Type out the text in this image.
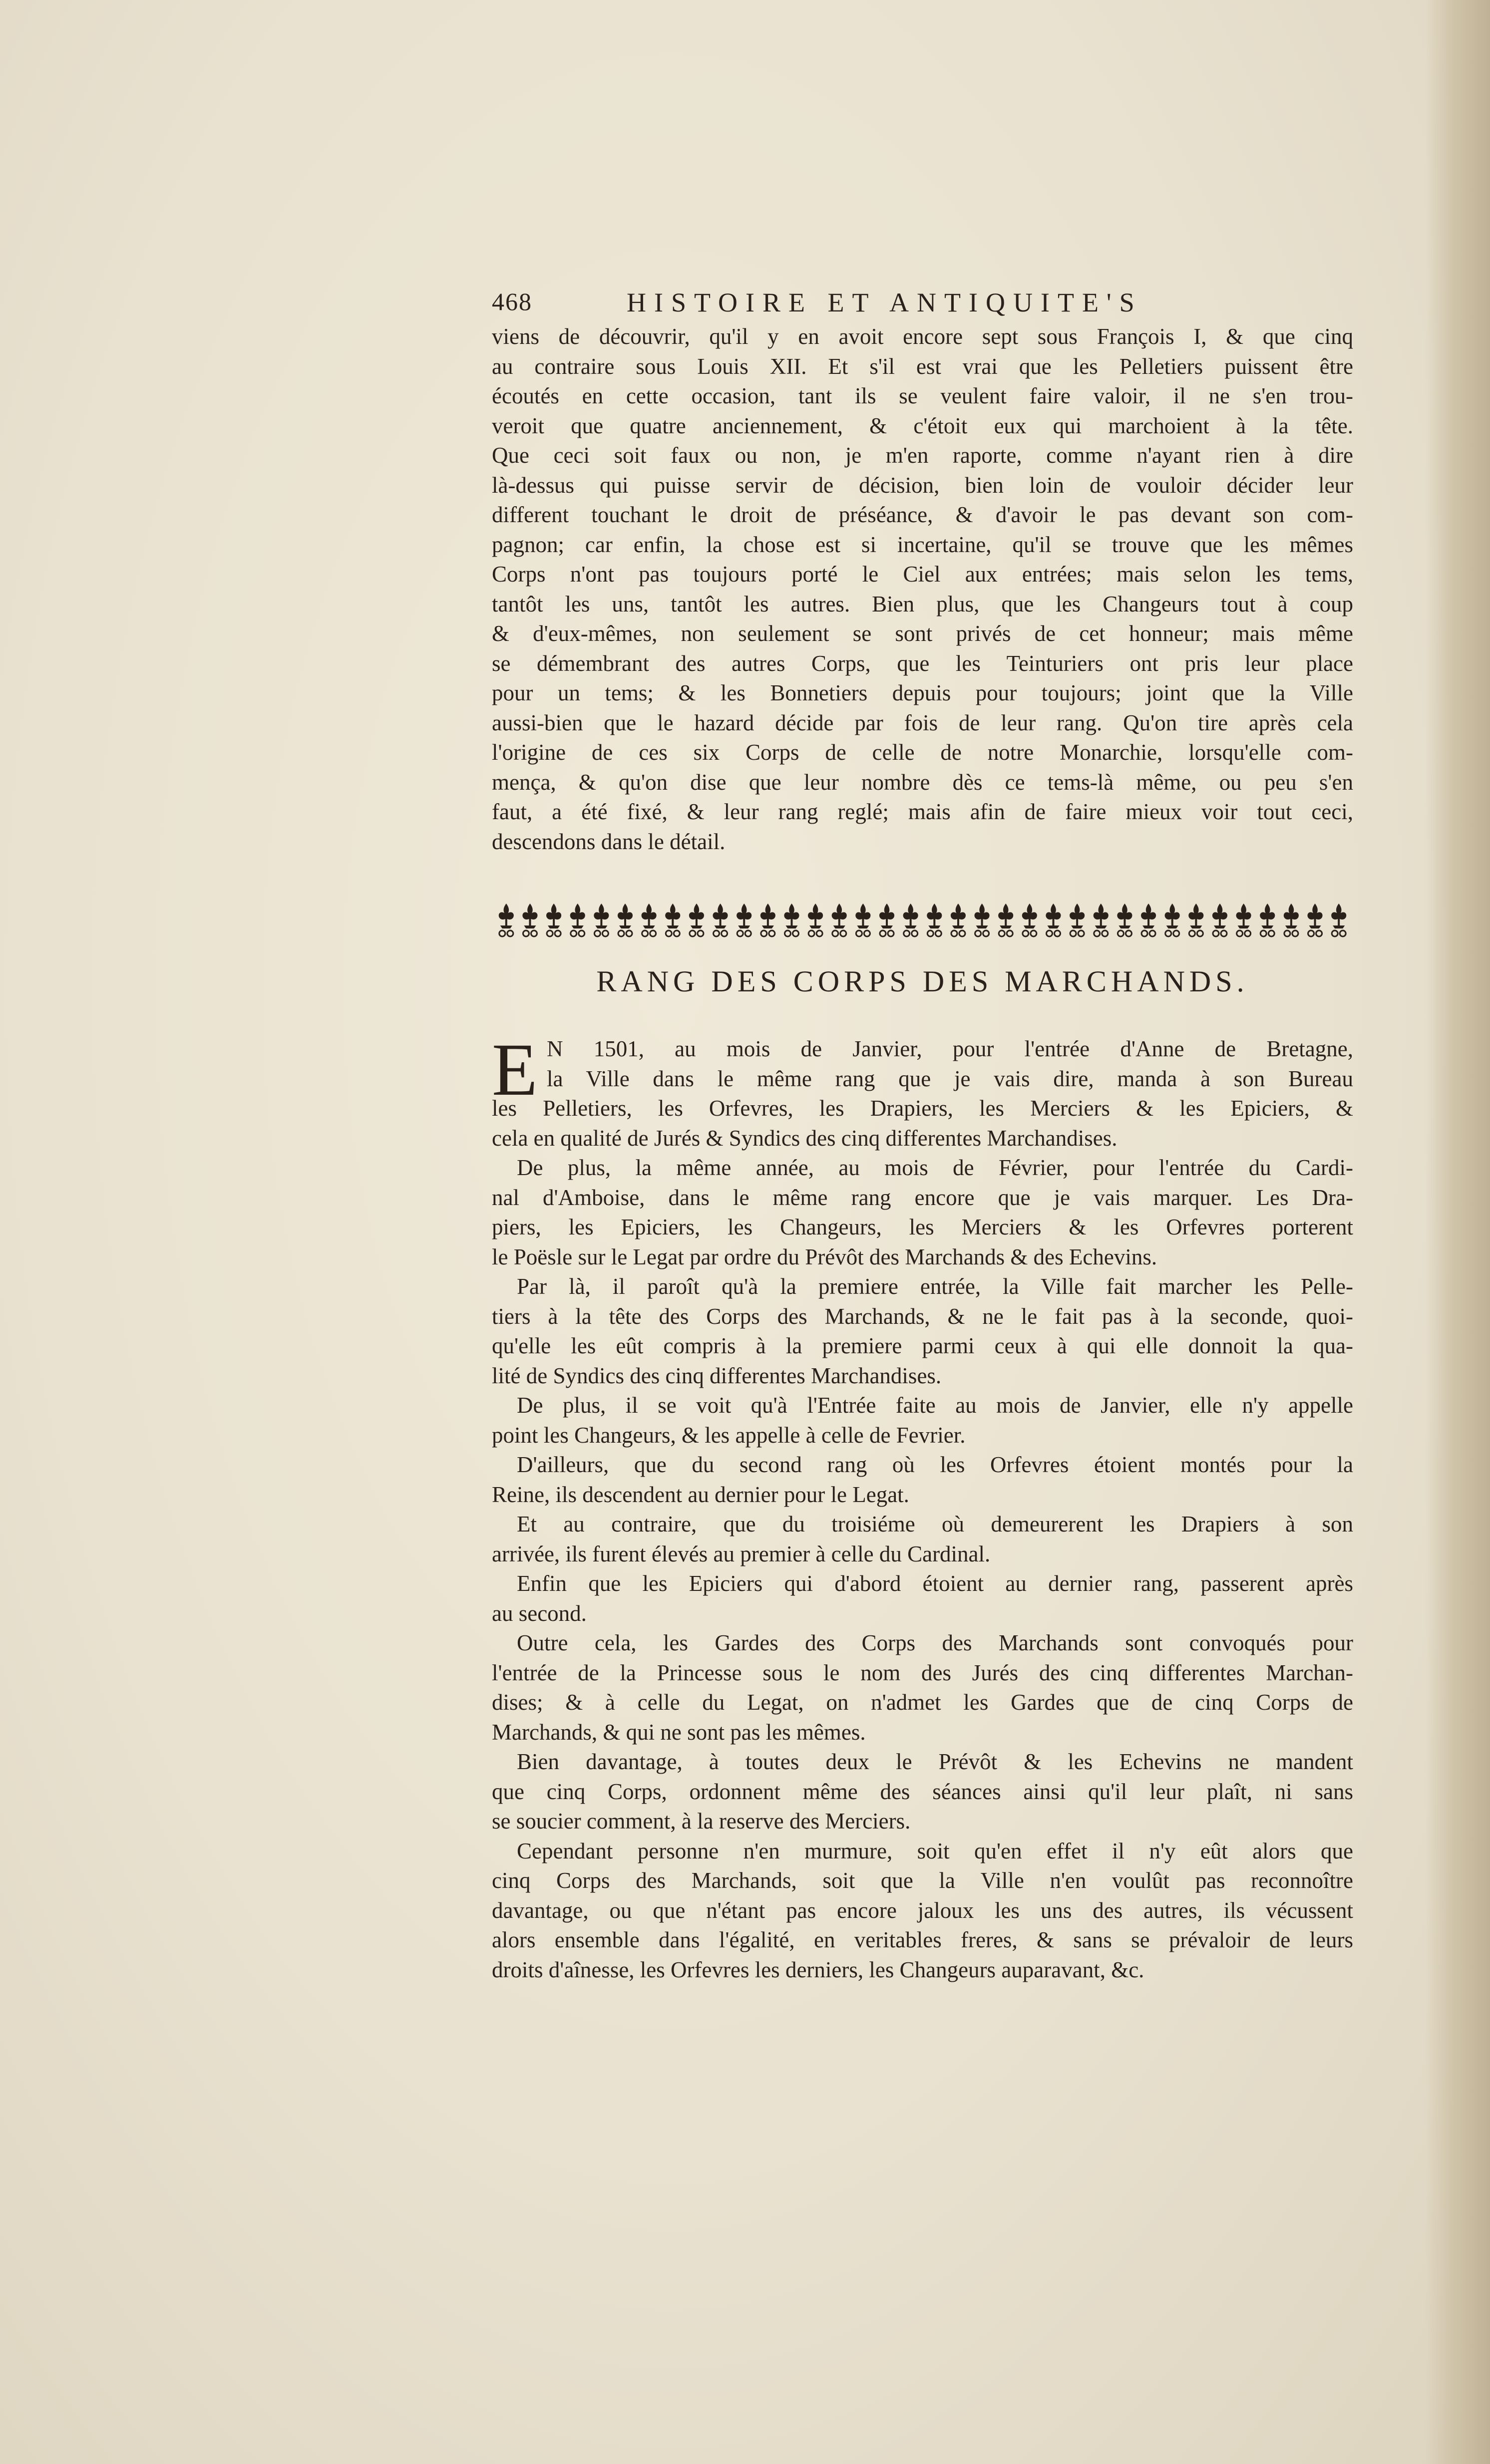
468	HISTOIRE ET ANTIQUITE'S
viens de découvrir, qu'il y en avoit encore sept sous François I, & que cinq
au contraire sous Louis XII. Et s'il est vrai que les Pelletiers puissent être
écoutés en cette occasion, tant ils se veulent faire valoir, il ne s'en trou-
veroit que quatre anciennement, & c'étoit eux qui marchoient à la tête.
Que ceci soit faux ou non, je m'en raporte, comme n'ayant rien à dire
là-dessus qui puisse servir de décision, bien loin de vouloir décider leur
different touchant le droit de préséance, & d'avoir le pas devant son com-
pagnon; car enfin, la chose est si incertaine, qu'il se trouve que les mêmes
Corps n'ont pas toujours porté le Ciel aux entrées; mais selon les tems,
tantôt les uns, tantôt les autres. Bien plus, que les Changeurs tout à coup
& d'eux-mêmes, non seulement se sont privés de cet honneur; mais même
se démembrant des autres Corps, que les Teinturiers ont pris leur place
pour un tems; & les Bonnetiers depuis pour toujours; joint que la Ville
aussi-bien que le hazard décide par fois de leur rang. Qu'on tire après cela
l'origine de ces six Corps de celle de notre Monarchie, lorsqu'elle com-
mença, & qu'on dise que leur nombre dès ce tems-là même, ou peu s'en
faut, a été fixé, & leur rang reglé; mais afin de faire mieux voir tout ceci,
descendons dans le détail.
RANG DES CORPS DES MARCHANDS.
E N 1501, au mois de Janvier, pour l'entrée d'Anne de Bretagne,
la Ville dans le même rang que je vais dire, manda à son Bureau
les Pelletiers, les Orfevres, les Drapiers, les Merciers & les Epiciers, &
cela en qualité de Jurés & Syndics des cinq differentes Marchandises.
De plus, la même année, au mois de Février, pour l'entrée du Cardi-
nal d'Amboise, dans le même rang encore que je vais marquer. Les Dra-
piers, les Epiciers, les Changeurs, les Merciers & les Orfevres porterent
le Poësle sur le Legat par ordre du Prévôt des Marchands & des Echevins.
Par là, il paroît qu'à la premiere entrée, la Ville fait marcher les Pelle-
tiers à la tête des Corps des Marchands, & ne le fait pas à la seconde, quoi-
qu'elle les eût compris à la premiere parmi ceux à qui elle donnoit la qua-
lité de Syndics des cinq differentes Marchandises.
De plus, il se voit qu'à l'Entrée faite au mois de Janvier, elle n'y appelle
point les Changeurs, & les appelle à celle de Fevrier.
D'ailleurs, que du second rang où les Orfevres étoient montés pour la
Reine, ils descendent au dernier pour le Legat.
Et au contraire, que du troisiéme où demeurerent les Drapiers à son
arrivée, ils furent élevés au premier à celle du Cardinal.
Enfin que les Epiciers qui d'abord étoient au dernier rang, passerent après
au second.
Outre cela, les Gardes des Corps des Marchands sont convoqués pour
l'entrée de la Princesse sous le nom des Jurés des cinq differentes Marchan-
dises; & à celle du Legat, on n'admet les Gardes que de cinq Corps de
Marchands, & qui ne sont pas les mêmes.
Bien davantage, à toutes deux le Prévôt & les Echevins ne mandent
que cinq Corps, ordonnent même des séances ainsi qu'il leur plaît, ni sans
se soucier comment, à la reserve des Merciers.
Cependant personne n'en murmure, soit qu'en effet il n'y eût alors que
cinq Corps des Marchands, soit que la Ville n'en voulût pas reconnoître
davantage, ou que n'étant pas encore jaloux les uns des autres, ils vécussent
alors ensemble dans l'égalité, en veritables freres, & sans se prévaloir de leurs
droits d'aînesse, les Orfevres les derniers, les Changeurs auparavant, &c.
